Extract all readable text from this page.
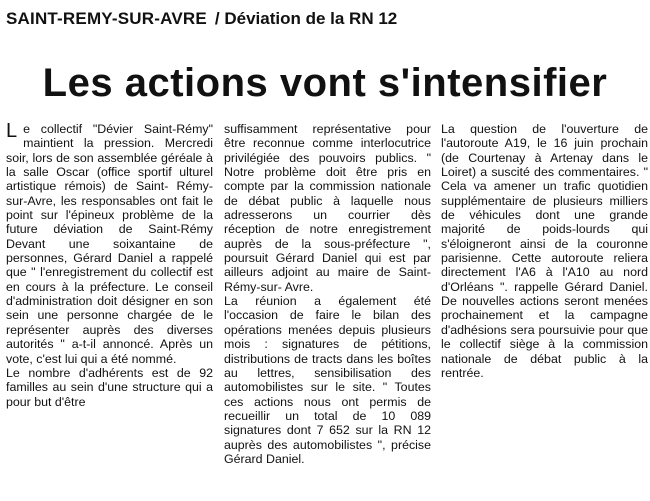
SAINT-REMY-SUR-AVRE / Déviation de la RN 12
Les actions vont s'intensifier

Le collectif "Dévier Saint-Rémy" maintient la pression. Mercredi soir, lors de son assemblée géréale à la salle Oscar (office sportif ulturel artistique rémois) de Saint- Rémy-sur-Avre, les responsables ont fait le point sur l'épineux problème de la future déviation de Saint-Rémy Devant une soixantaine de personnes, Gérard Daniel a rappelé que " l'enregistrement du collectif est en cours à la préfecture. Le conseil d'administration doit désigner en son sein une personne chargée de le représenter auprès des diverses autorités " a-t-il annoncé. Après un vote, c'est lui qui a été nommé.

Le nombre d'adhérents est de 92 familles au sein d'une structure qui a pour but d'être

suffisamment représentative pour être reconnue comme interlocutrice privilégiée des pouvoirs publics. " Notre problème doit être pris en compte par la commission nationale de débat public à laquelle nous adresserons un courrier dès réception de notre enregistrement auprès de la sous-préfecture ", poursuit Gérard Daniel qui est par ailleurs adjoint au maire de Saint-Rémy-sur- Avre.

La réunion a également été l'occasion de faire le bilan des opérations menées depuis plusieurs mois : signatures de pétitions, distributions de tracts dans les boîtes au lettres, sensibilisation des automobilistes sur le site. " Toutes ces actions nous ont permis de recueillir un total de 10 089 signatures dont 7 652 sur la RN 12 auprès des automobilistes ", précise Gérard Daniel.

La question de l'ouverture de l'autoroute A19, le 16 juin prochain (de Courtenay à Artenay dans le Loiret) a suscité des commentaires. " Cela va amener un trafic quotidien supplémentaire de plusieurs milliers de véhicules dont une grande majorité de poids-lourds qui s'éloigneront ainsi de la couronne parisienne. Cette autoroute reliera directement l'A6 à l'A10 au nord d'Orléans ". rappelle Gérard Daniel. De nouvelles actions seront menées prochainement et la campagne d'adhésions sera poursuivie pour que le collectif siège à la commission nationale de débat public à la rentrée.
